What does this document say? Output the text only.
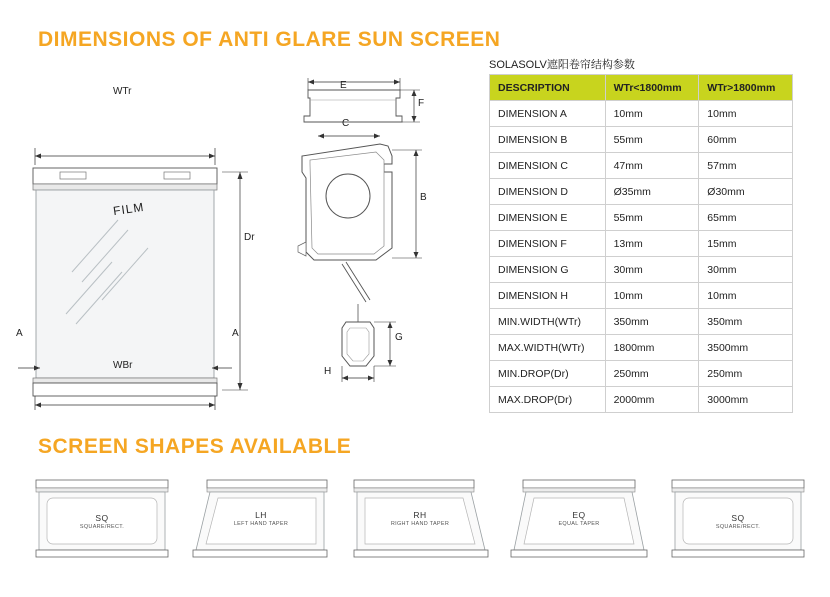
DIMENSIONS OF ANTI GLARE SUN SCREEN
SCREEN SHAPES AVAILABLE
WTr
WBr
Dr
A	A
FILM
E
F
C
B
G
H
SOLASOLV遮阳卷帘结构参数
DESCRIPTION	WTr<1800mm	WTr>1800mm
DIMENSION A	10mm	10mm
DIMENSION B	55mm	60mm
DIMENSION C	47mm	57mm
DIMENSION D	Ø35mm	Ø30mm
DIMENSION E	55mm	65mm
DIMENSION F	13mm	15mm
DIMENSION G	30mm	30mm
DIMENSION H	10mm	10mm
MIN.WIDTH(WTr)	350mm	350mm
MAX.WIDTH(WTr)	1800mm	3500mm
MIN.DROP(Dr)	250mm	250mm
MAX.DROP(Dr)	2000mm	3000mm
SQ
SQUARE/RECT.
LH
LEFT HAND TAPER
RH
RIGHT HAND TAPER
EQ
EQUAL TAPER
SQ
SQUARE/RECT.
